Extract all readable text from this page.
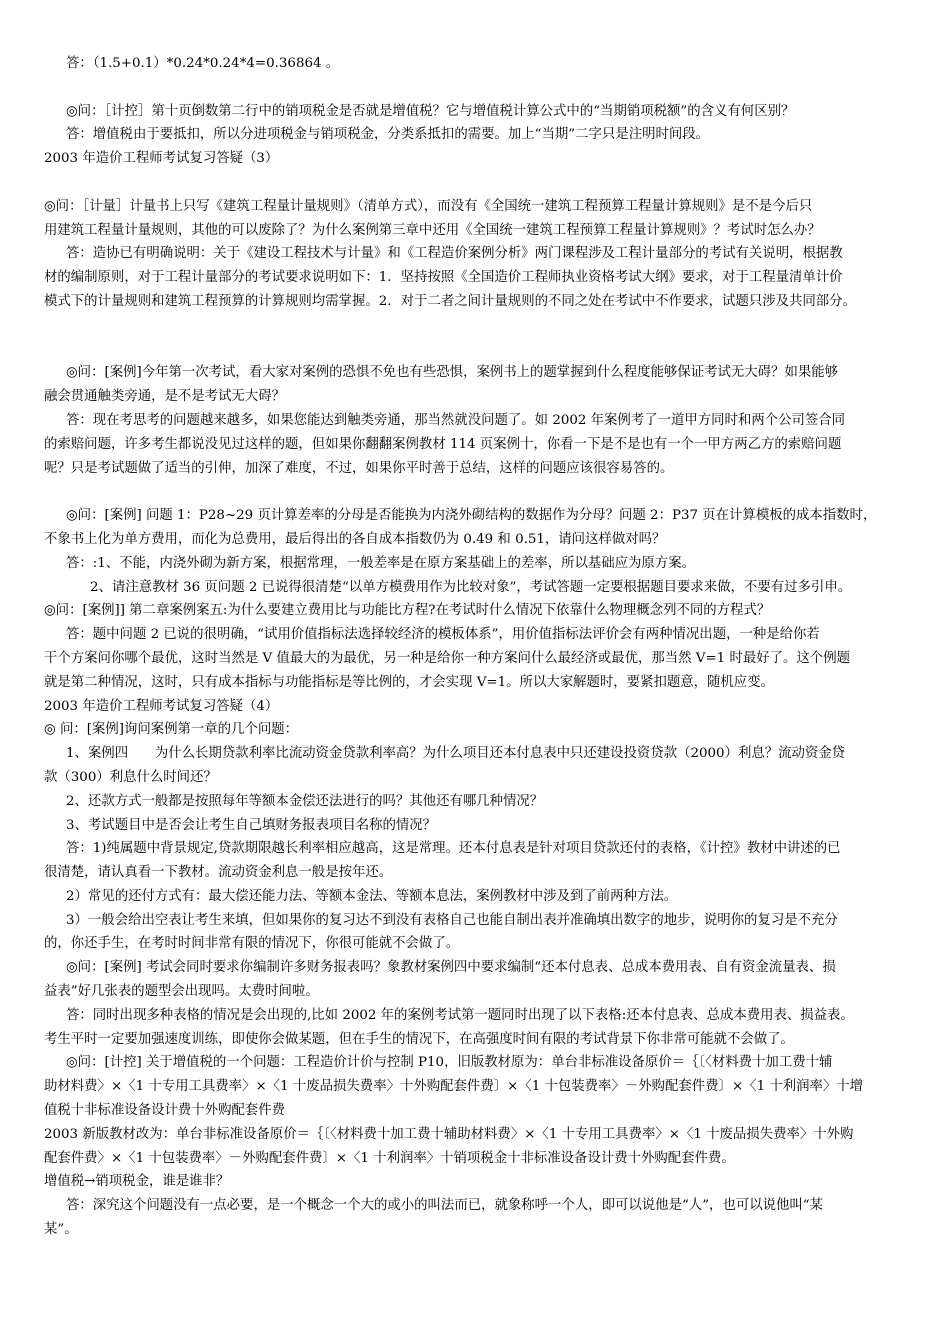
答：（1.5+0.1）*0.24*0.24*4=0.36864 。
◎问：［计控］第十页倒数第二行中的销项税金是否就是增值税？它与增值税计算公式中的“当期销项税额”的含义有何区别？
答：增值税由于要抵扣，所以分进项税金与销项税金，分类系抵扣的需要。加上“当期”二字只是注明时间段。
2003 年造价工程师考试复习答疑（3）
◎问：［计量］计量书上只写《建筑工程量计量规则》（清单方式），而没有《全国统一建筑工程预算工程量计算规则》是不是今后只
用建筑工程量计量规则，其他的可以废除了？为什么案例第三章中还用《全国统一建筑工程预算工程量计算规则》？考试时怎么办？
答：造协已有明确说明：关于《建设工程技术与计量》和《工程造价案例分析》两门课程涉及工程计量部分的考试有关说明，根据教
材的编制原则，对于工程计量部分的考试要求说明如下：1．坚持按照《全国造价工程师执业资格考试大纲》要求，对于工程量清单计价
模式下的计量规则和建筑工程预算的计算规则均需掌握。2．对于二者之间计量规则的不同之处在考试中不作要求，试题只涉及共同部分。
◎问：[案例]今年第一次考试，看大家对案例的恐惧不免也有些恐惧，案例书上的题掌握到什么程度能够保证考试无大碍？如果能够
融会贯通触类旁通，是不是考试无大碍？
答：现在考思考的问题越来越多，如果您能达到触类旁通，那当然就没问题了。如 2002 年案例考了一道甲方同时和两个公司签合同
的索赔问题，许多考生都说没见过这样的题，但如果你翻翻案例教材 114 页案例十，你看一下是不是也有一个一甲方两乙方的索赔问题
呢？只是考试题做了适当的引伸，加深了难度，不过，如果你平时善于总结，这样的问题应该很容易答的。
◎问：[案例] 问题 1：P28~29 页计算差率的分母是否能换为内浇外砌结构的数据作为分母？问题 2：P37 页在计算模板的成本指数时，
不象书上化为单方费用，而化为总费用，最后得出的各自成本指数仍为 0.49 和 0.51，请问这样做对吗？
答：:1、不能，内浇外砌为新方案，根据常理，一般差率是在原方案基础上的差率，所以基础应为原方案。
2、请注意教材 36 页问题 2 已说得很清楚“以单方模费用作为比较对象”，考试答题一定要根据题目要求来做，不要有过多引申。
◎问：[案例]] 第二章案例案五:为什么要建立费用比与功能比方程?在考试时什么情况下依靠什么物理概念列不同的方程式？
答：题中问题 2 已说的很明确，“试用价值指标法选择较经济的模板体系”，用价值指标法评价会有两种情况出题，一种是给你若
干个方案问你哪个最优，这时当然是 V 值最大的为最优，另一种是给你一种方案问什么最经济或最优，那当然 V=1 时最好了。这个例题
就是第二种情况，这时，只有成本指标与功能指标是等比例的，才会实现 V=1。所以大家解题时，要紧扣题意，随机应变。
2003 年造价工程师考试复习答疑（4）
◎ 问：[案例]询问案例第一章的几个问题：
1、案例四　　为什么长期贷款利率比流动资金贷款利率高？为什么项目还本付息表中只还建设投资贷款（2000）利息？流动资金贷
款（300）利息什么时间还？
2、还款方式一般都是按照每年等额本金偿还法进行的吗？其他还有哪几种情况？
3、考试题目中是否会让考生自己填财务报表项目名称的情况？
答：1)纯属题中背景规定,贷款期限越长利率相应越高，这是常理。还本付息表是针对项目贷款还付的表格，《计控》教材中讲述的已
很清楚，请认真看一下教材。流动资金利息一般是按年还。
2）常见的还付方式有：最大偿还能力法、等额本金法、等额本息法，案例教材中涉及到了前两种方法。
3）一般会给出空表让考生来填，但如果你的复习达不到没有表格自己也能自制出表并准确填出数字的地步，说明你的复习是不充分
的，你还手生，在考时时间非常有限的情况下，你很可能就不会做了。
◎问：[案例] 考试会同时要求你编制许多财务报表吗？象教材案例四中要求编制“还本付息表、总成本费用表、自有资金流量表、损
益表”好几张表的题型会出现吗。太费时间啦。
答：同时出现多种表格的情况是会出现的,比如 2002 年的案例考试第一题同时出现了以下表格:还本付息表、总成本费用表、损益表。
考生平时一定要加强速度训练，即使你会做某题，但在手生的情况下，在高强度时间有限的考试背景下你非常可能就不会做了。
◎问：[计控] 关于增值税的一个问题：工程造价计价与控制 P10，旧版教材原为：单台非标准设备原价＝｛〔〈材料费十加工费十辅
助材料费〉×〈1 十专用工具费率〉×〈1 十废品损失费率〉十外购配套件费〕×〈1 十包装费率〉－外购配套件费〕×〈1 十利润率〉十增
值税十非标准设备设计费十外购配套件费
2003 新版教材改为：单台非标准设备原价＝｛〔〈材料费十加工费十辅助材料费〉×〈1 十专用工具费率〉×〈1 十废品损失费率〉十外购
配套件费〉×〈1 十包装费率〉－外购配套件费〕×〈1 十利润率〉十销项税金十非标准设备设计费十外购配套件费。
增值税→销项税金，谁是谁非？
答：深究这个问题没有一点必要，是一个概念一个大的或小的叫法而已，就象称呼一个人，即可以说他是“人”，也可以说他叫“某
某”。
